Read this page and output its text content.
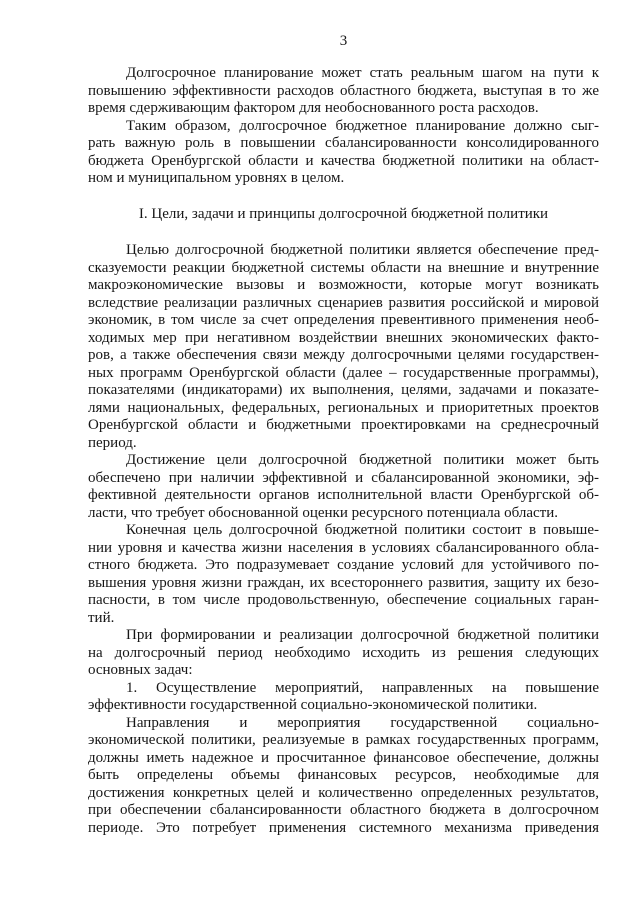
3
Долгосрочное планирование может стать реальным шагом на пути к
повышению эффективности расходов областного бюджета, выступая в то же
время сдерживающим фактором для необоснованного роста расходов.
Таким образом, долгосрочное бюджетное планирование должно сыг-
рать важную роль в повышении сбалансированности консолидированного
бюджета Оренбургской области и качества бюджетной политики на област-
ном и муниципальном уровнях в целом.
I. Цели, задачи и принципы долгосрочной бюджетной политики
Целью долгосрочной бюджетной политики является обеспечение пред-
сказуемости реакции бюджетной системы области на внешние и внутренние
макроэкономические вызовы и возможности, которые могут возникать
вследствие реализации различных сценариев развития российской и мировой
экономик, в том числе за счет определения превентивного применения необ-
ходимых мер при негативном воздействии внешних экономических факто-
ров, а также обеспечения связи между долгосрочными целями государствен-
ных программ Оренбургской области (далее – государственные программы),
показателями (индикаторами) их выполнения, целями, задачами и показате-
лями национальных, федеральных, региональных и приоритетных проектов
Оренбургской области и бюджетными проектировками на среднесрочный
период.
Достижение цели долгосрочной бюджетной политики может быть
обеспечено при наличии эффективной и сбалансированной экономики, эф-
фективной деятельности органов исполнительной власти Оренбургской об-
ласти, что требует обоснованной оценки ресурсного потенциала области.
Конечная цель долгосрочной бюджетной политики состоит в повыше-
нии уровня и качества жизни населения в условиях сбалансированного обла-
стного бюджета. Это подразумевает создание условий для устойчивого по-
вышения уровня жизни граждан, их всестороннего развития, защиту их безо-
пасности, в том числе продовольственную, обеспечение социальных гаран-
тий.
При формировании и реализации долгосрочной бюджетной политики
на долгосрочный период необходимо исходить из решения следующих
основных задач:
1. Осуществление мероприятий, направленных на повышение
эффективности государственной социально-экономической политики.
Направления и мероприятия государственной социально-
экономической политики, реализуемые в рамках государственных программ,
должны иметь надежное и просчитанное финансовое обеспечение, должны
быть определены объемы финансовых ресурсов, необходимые для
достижения конкретных целей и количественно определенных результатов,
при обеспечении сбалансированности областного бюджета в долгосрочном
периоде. Это потребует применения системного механизма приведения
